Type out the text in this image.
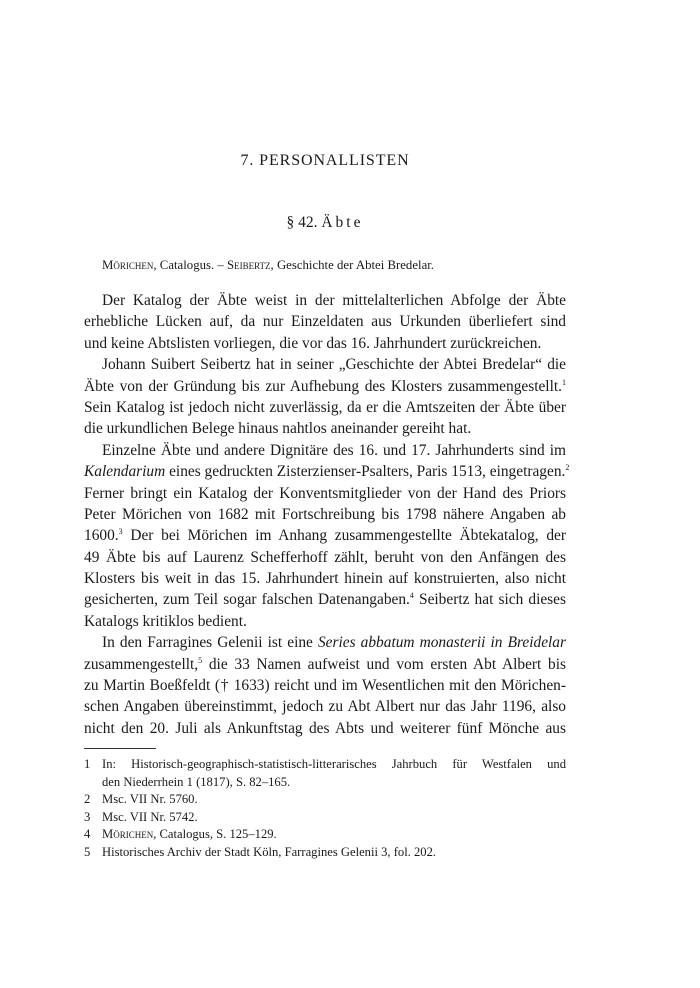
7. PERSONALLISTEN
§ 42. Äbte

Mörichen, Catalogus. – Seibertz, Geschichte der Abtei Bredelar.

Der Katalog der Äbte weist in der mittelalterlichen Abfolge der Äbte
erhebliche Lücken auf, da nur Einzeldaten aus Urkunden überliefert sind
und keine Abtslisten vorliegen, die vor das 16. Jahrhundert zurückreichen.
Johann Suibert Seibertz hat in seiner „Geschichte der Abtei Bredelar“ die
Äbte von der Gründung bis zur Aufhebung des Klosters zusammengestellt.$^1$
Sein Katalog ist jedoch nicht zuverlässig, da er die Amtszeiten der Äbte über
die urkundlichen Belege hinaus nahtlos aneinander gereiht hat.
Einzelne Äbte und andere Dignitäre des 16. und 17. Jahrhunderts sind im
Kalendarium eines gedruckten Zisterzienser-Psalters, Paris 1513, eingetragen.$^2$
Ferner bringt ein Katalog der Konventsmitglieder von der Hand des Priors
Peter Mörichen von 1682 mit Fortschreibung bis 1798 nähere Angaben ab
1600.$^3$ Der bei Mörichen im Anhang zusammengestellte Äbtekatalog, der
49 Äbte bis auf Laurenz Schefferhoff zählt, beruht von den Anfängen des
Klosters bis weit in das 15. Jahrhundert hinein auf konstruierten, also nicht
gesicherten, zum Teil sogar falschen Datenangaben.$^4$ Seibertz hat sich dieses
Katalogs kritiklos bedient.
In den Farragines Gelenii ist eine Series abbatum monasterii in Breidelar
zusammengestellt,$^5$ die 33 Namen aufweist und vom ersten Abt Albert bis
zu Martin Boeßfeldt († 1633) reicht und im Wesentlichen mit den Mörichen-
schen Angaben übereinstimmt, jedoch zu Abt Albert nur das Jahr 1196, also
nicht den 20. Juli als Ankunftstag des Abts und weiterer fünf Mönche aus
1 In: Historisch-geographisch-statistisch-litterarisches Jahrbuch für Westfalen und
den Niederrhein 1 (1817), S. 82–165.
2 Msc. VII Nr. 5760.
3 Msc. VII Nr. 5742.
4 Mörichen, Catalogus, S. 125–129.
5 Historisches Archiv der Stadt Köln, Farragines Gelenii 3, fol. 202.
